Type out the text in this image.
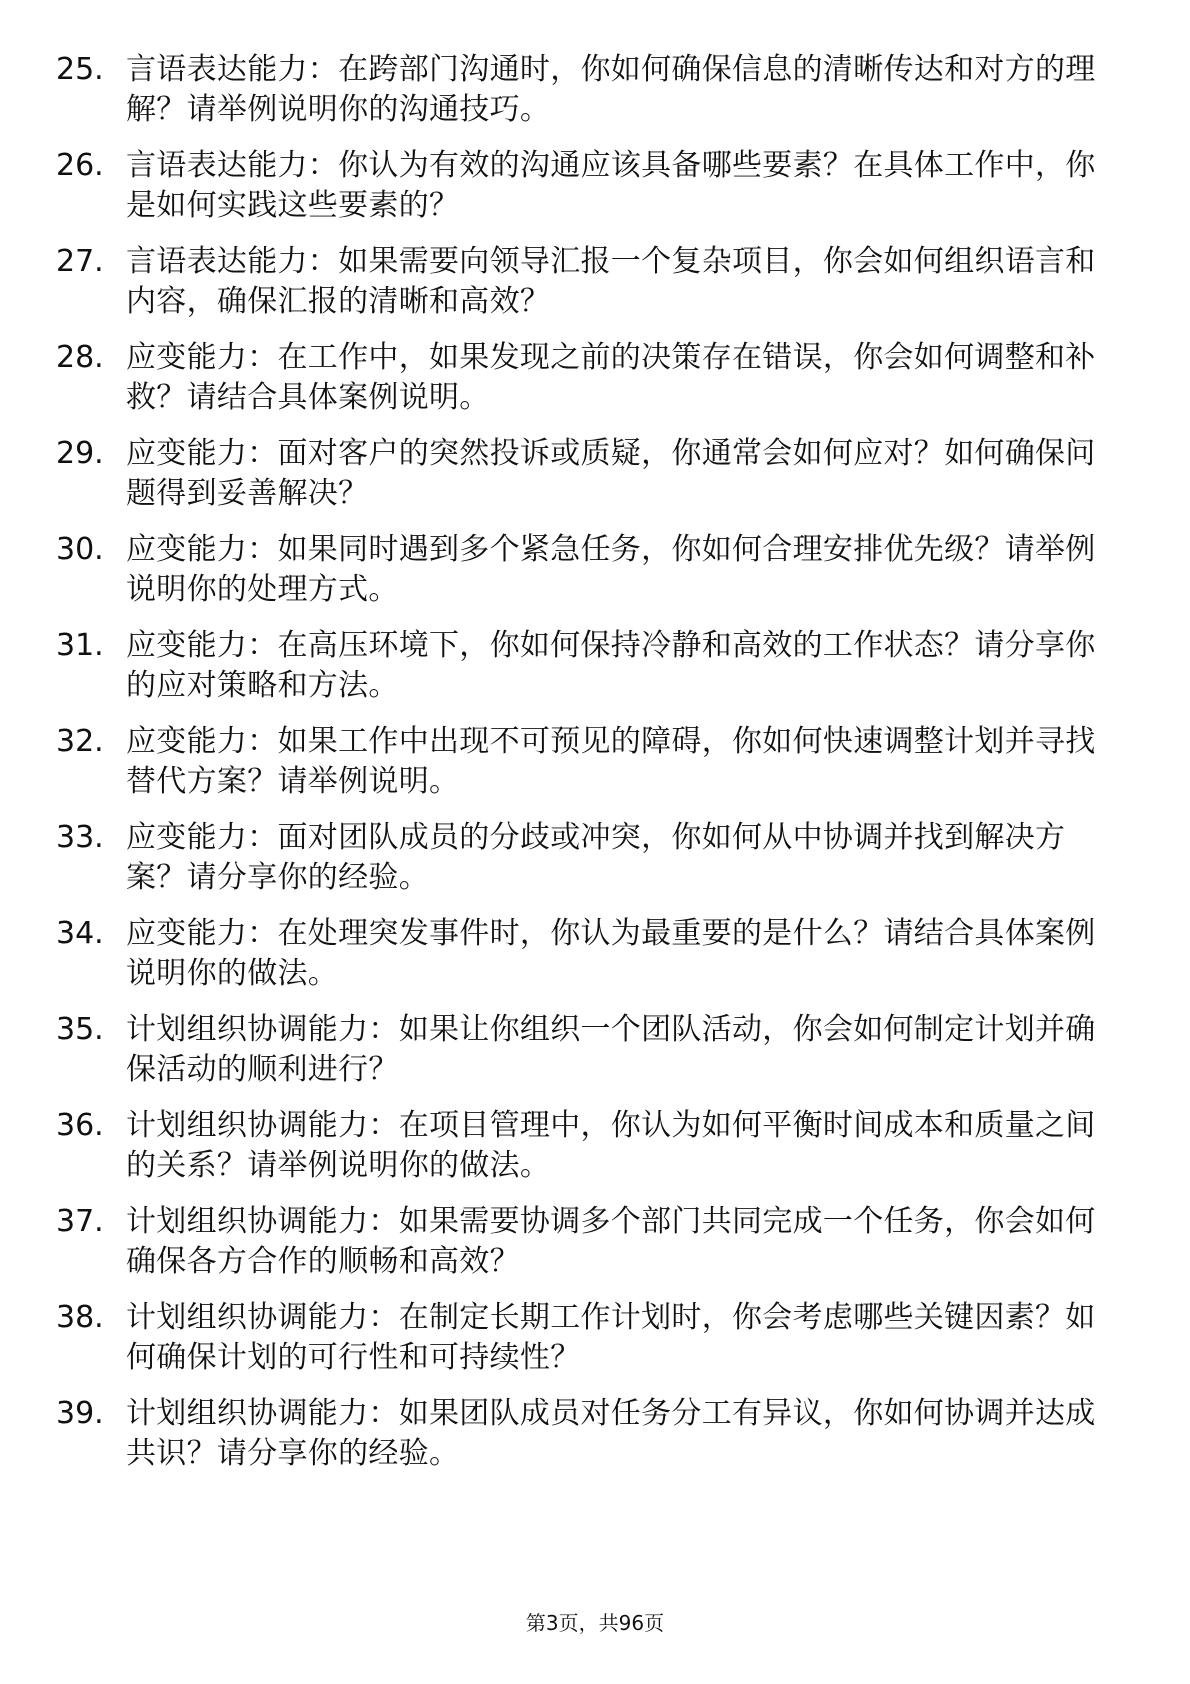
25. 言语表达能力：在跨部门沟通时，你如何确保信息的清晰传达和对方的理解？请举例说明你的沟通技巧。
26. 言语表达能力：你认为有效的沟通应该具备哪些要素？在具体工作中，你是如何实践这些要素的？
27. 言语表达能力：如果需要向领导汇报一个复杂项目，你会如何组织语言和内容，确保汇报的清晰和高效？
28. 应变能力：在工作中，如果发现之前的决策存在错误，你会如何调整和补救？请结合具体案例说明。
29. 应变能力：面对客户的突然投诉或质疑，你通常会如何应对？如何确保问题得到妥善解决？
30. 应变能力：如果同时遇到多个紧急任务，你如何合理安排优先级？请举例说明你的处理方式。
31. 应变能力：在高压环境下，你如何保持冷静和高效的工作状态？请分享你的应对策略和方法。
32. 应变能力：如果工作中出现不可预见的障碍，你如何快速调整计划并寻找替代方案？请举例说明。
33. 应变能力：面对团队成员的分歧或冲突，你如何从中协调并找到解决方案？请分享你的经验。
34. 应变能力：在处理突发事件时，你认为最重要的是什么？请结合具体案例说明你的做法。
35. 计划组织协调能力：如果让你组织一个团队活动，你会如何制定计划并确保活动的顺利进行？
36. 计划组织协调能力：在项目管理中，你认为如何平衡时间成本和质量之间的关系？请举例说明你的做法。
37. 计划组织协调能力：如果需要协调多个部门共同完成一个任务，你会如何确保各方合作的顺畅和高效？
38. 计划组织协调能力：在制定长期工作计划时，你会考虑哪些关键因素？如何确保计划的可行性和可持续性？
39. 计划组织协调能力：如果团队成员对任务分工有异议，你如何协调并达成共识？请分享你的经验。
第3页，共96页
